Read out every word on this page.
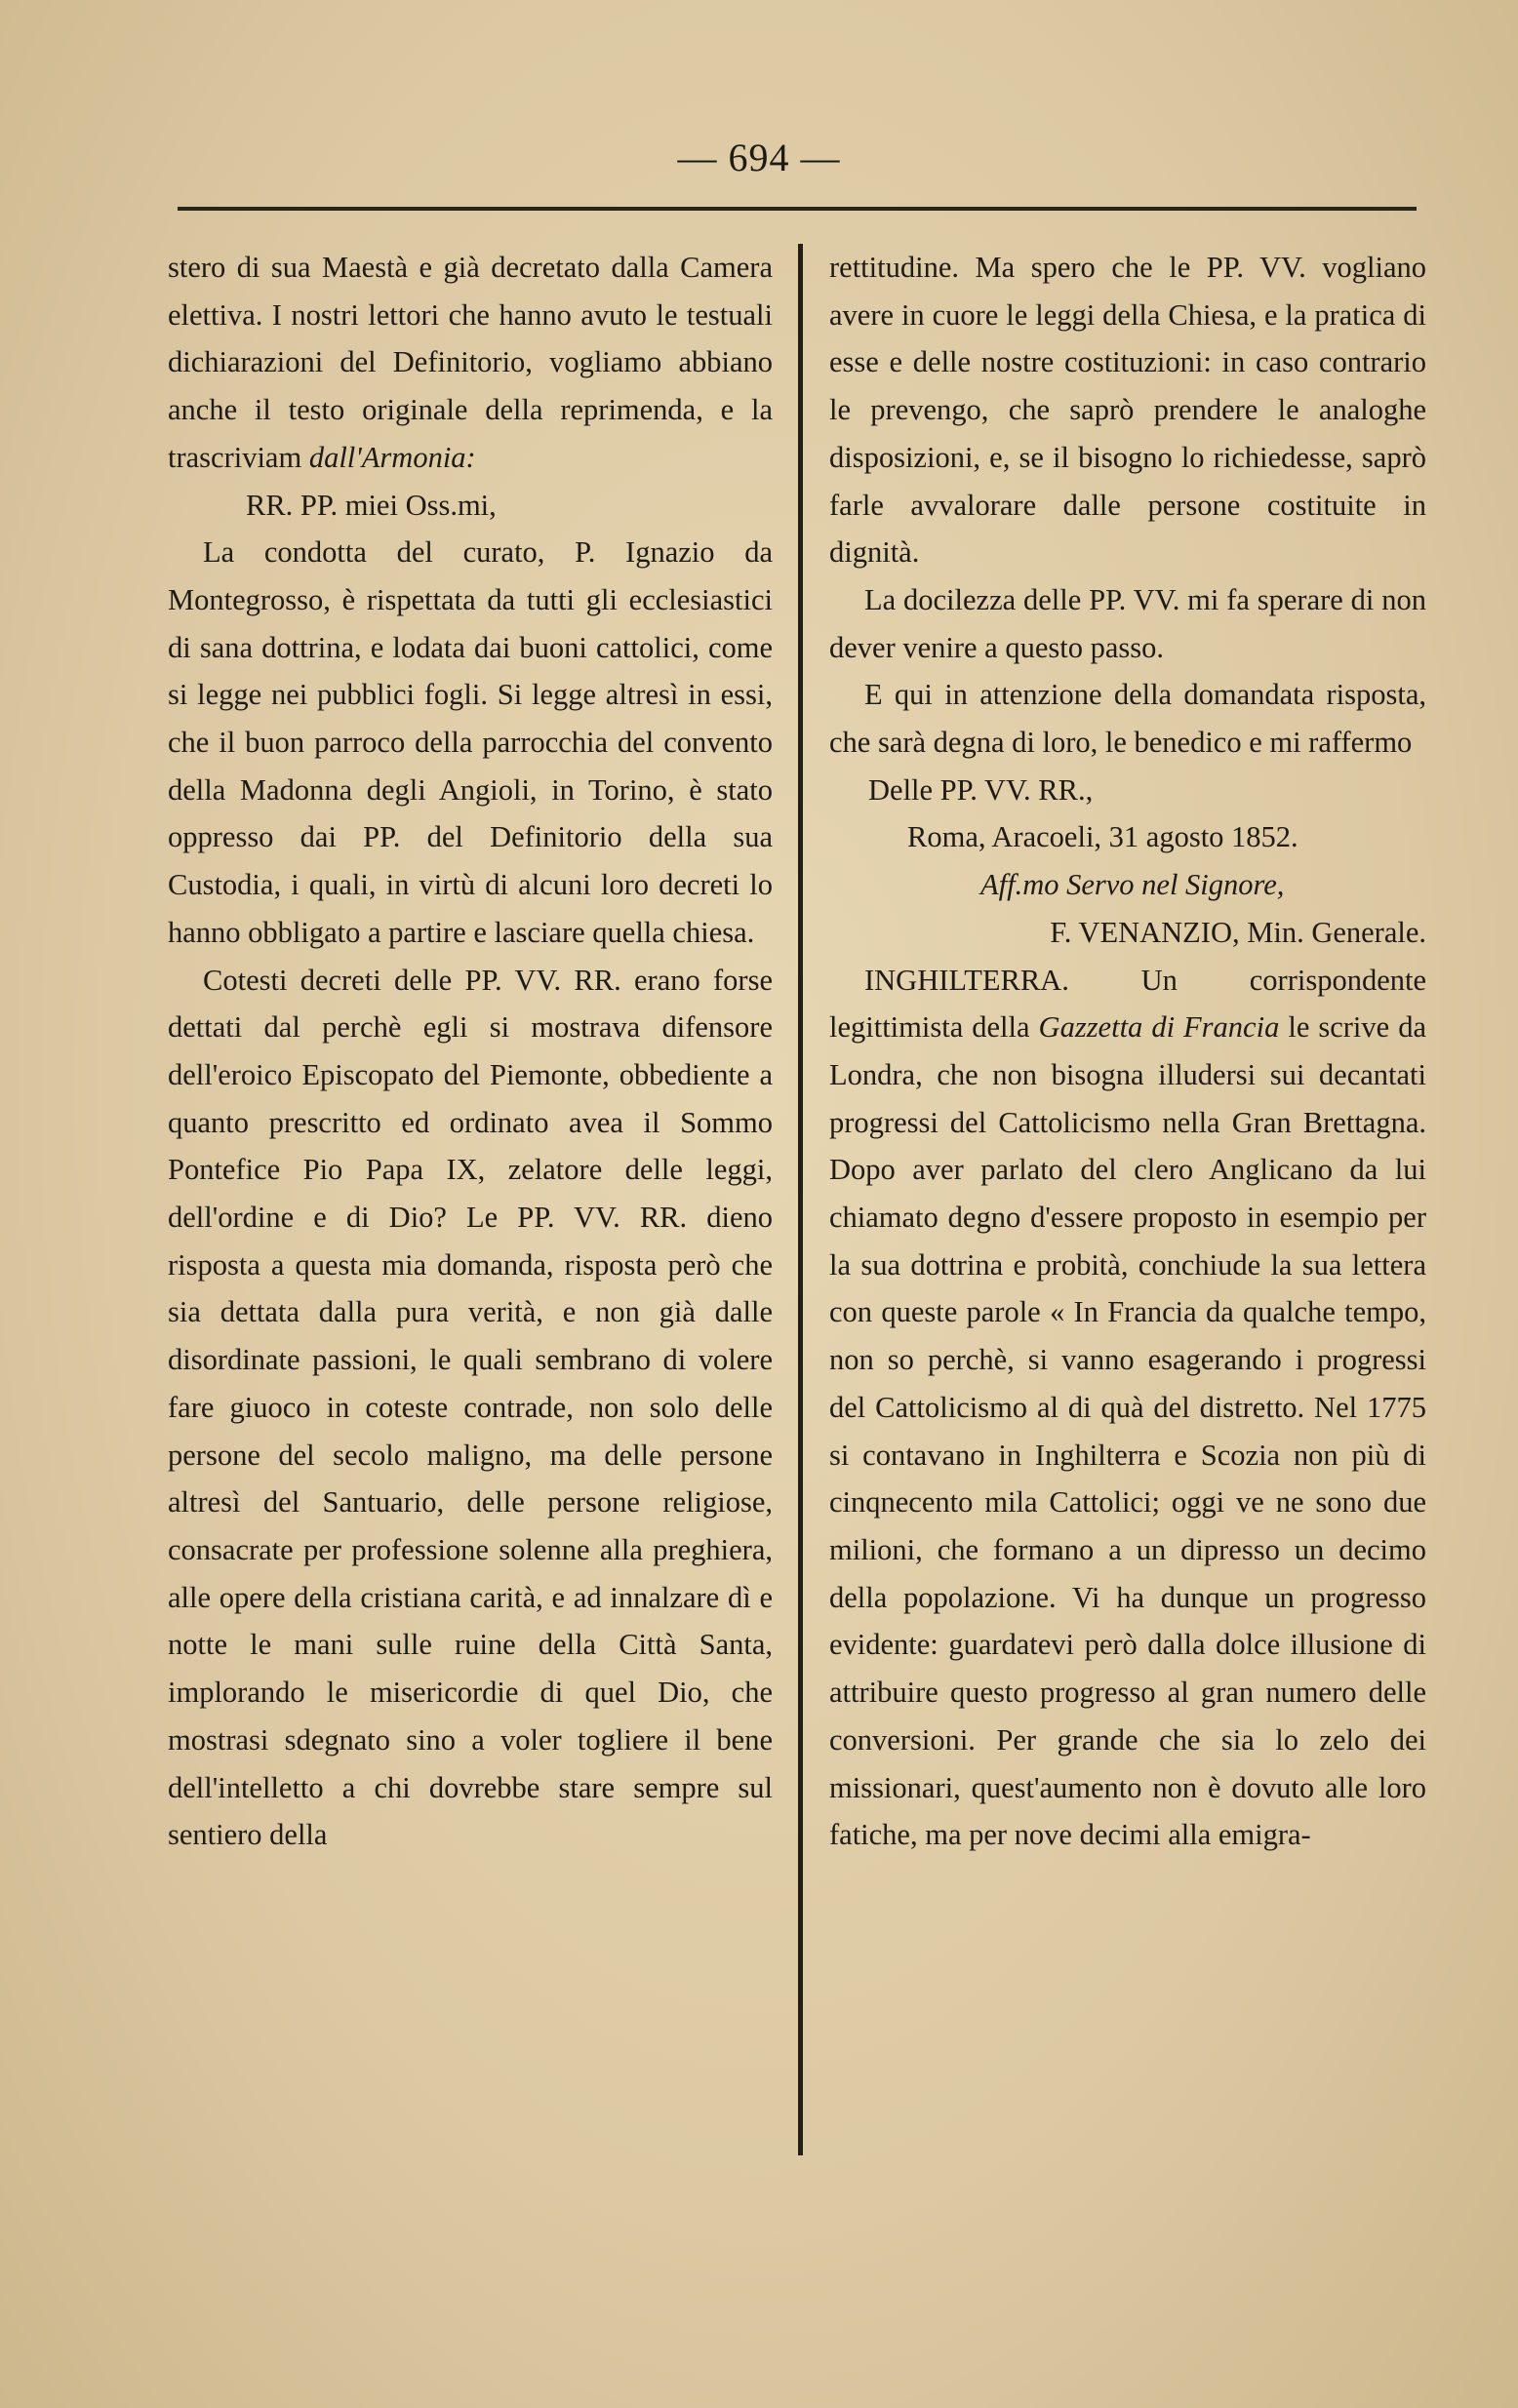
— 694 —

stero di sua Maestà e già decretato dalla Camera elettiva. I nostri lettori che hanno avuto le testuali dichiarazioni del Definitorio, vogliamo abbiano anche il testo originale della reprimenda, e la trascriviam dall'Armonia:

RR. PP. miei Oss.mi,

La condotta del curato, P. Ignazio da Montegrosso, è rispettata da tutti gli ecclesiastici di sana dottrina, e lodata dai buoni cattolici, come si legge nei pubblici fogli. Si legge altresì in essi, che il buon parroco della parrocchia del convento della Madonna degli Angioli, in Torino, è stato oppresso dai PP. del Definitorio della sua Custodia, i quali, in virtù di alcuni loro decreti lo hanno obbligato a partire e lasciare quella chiesa.

Cotesti decreti delle PP. VV. RR. erano forse dettati dal perchè egli si mostrava difensore dell'eroico Episcopato del Piemonte, obbediente a quanto prescritto ed ordinato avea il Sommo Pontefice Pio Papa IX, zelatore delle leggi, dell'ordine e di Dio? Le PP. VV. RR. dieno risposta a questa mia domanda, risposta però che sia dettata dalla pura verità, e non già dalle disordinate passioni, le quali sembrano di volere fare giuoco in coteste contrade, non solo delle persone del secolo maligno, ma delle persone altresì del Santuario, delle persone religiose, consacrate per professione solenne alla preghiera, alle opere della cristiana carità, e ad innalzare dì e notte le mani sulle ruine della Città Santa, implorando le misericordie di quel Dio, che mostrasi sdegnato sino a voler togliere il bene dell'intelletto a chi dovrebbe stare sempre sul sentiero della

rettitudine. Ma spero che le PP. VV. vogliano avere in cuore le leggi della Chiesa, e la pratica di esse e delle nostre costituzioni: in caso contrario le prevengo, che saprò prendere le analoghe disposizioni, e, se il bisogno lo richiedesse, saprò farle avvalorare dalle persone costituite in dignità.

La docilezza delle PP. VV. mi fa sperare di non dever venire a questo passo.

E qui in attenzione della domandata risposta, che sarà degna di loro, le benedico e mi raffermo

Delle PP. VV. RR.,
Roma, Aracoeli, 31 agosto 1852.
Aff.mo Servo nel Signore,
F. VENANZIO, Min. Generale.

INGHILTERRA. Un corrispondente legittimista della Gazzetta di Francia le scrive da Londra, che non bisogna illudersi sui decantati progressi del Cattolicismo nella Gran Brettagna. Dopo aver parlato del clero Anglicano da lui chiamato degno d'essere proposto in esempio per la sua dottrina e probità, conchiude la sua lettera con queste parole « In Francia da qualche tempo, non so perchè, si vanno esagerando i progressi del Cattolicismo al di quà del distretto. Nel 1775 si contavano in Inghilterra e Scozia non più di cinqnecento mila Cattolici; oggi ve ne sono due milioni, che formano a un dipresso un decimo della popolazione. Vi ha dunque un progresso evidente: guardatevi però dalla dolce illusione di attribuire questo progresso al gran numero delle conversioni. Per grande che sia lo zelo dei missionari, quest'aumento non è dovuto alle loro fatiche, ma per nove decimi alla emigra-
